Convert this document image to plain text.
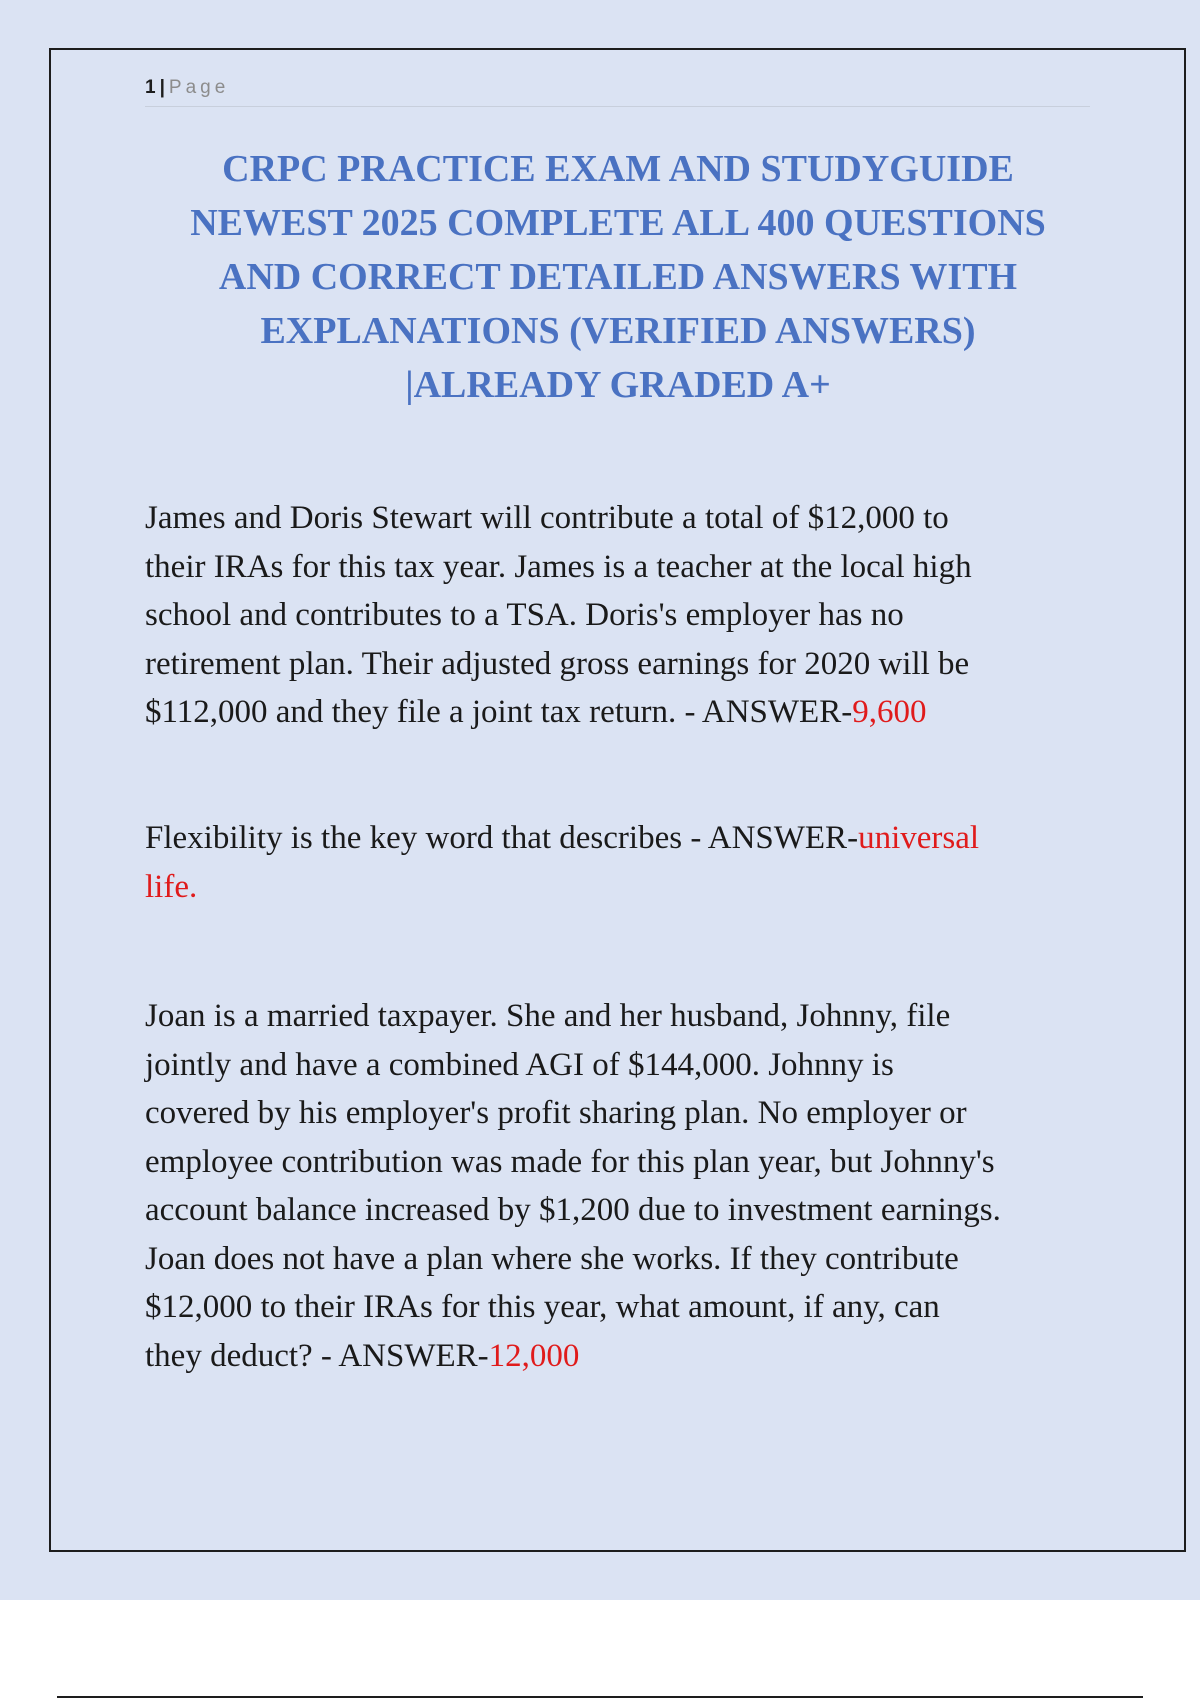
1 | Page
CRPC PRACTICE EXAM AND STUDYGUIDE
NEWEST 2025 COMPLETE ALL 400 QUESTIONS
AND CORRECT DETAILED ANSWERS WITH
EXPLANATIONS (VERIFIED ANSWERS)
|ALREADY GRADED A+

James and Doris Stewart will contribute a total of $12,000 to
their IRAs for this tax year. James is a teacher at the local high
school and contributes to a TSA. Doris's employer has no
retirement plan. Their adjusted gross earnings for 2020 will be
$112,000 and they file a joint tax return. - ANSWER-9,600

Flexibility is the key word that describes - ANSWER-universal
life.

Joan is a married taxpayer. She and her husband, Johnny, file
jointly and have a combined AGI of $144,000. Johnny is
covered by his employer's profit sharing plan. No employer or
employee contribution was made for this plan year, but Johnny's
account balance increased by $1,200 due to investment earnings.
Joan does not have a plan where she works. If they contribute
$12,000 to their IRAs for this year, what amount, if any, can
they deduct? - ANSWER-12,000
